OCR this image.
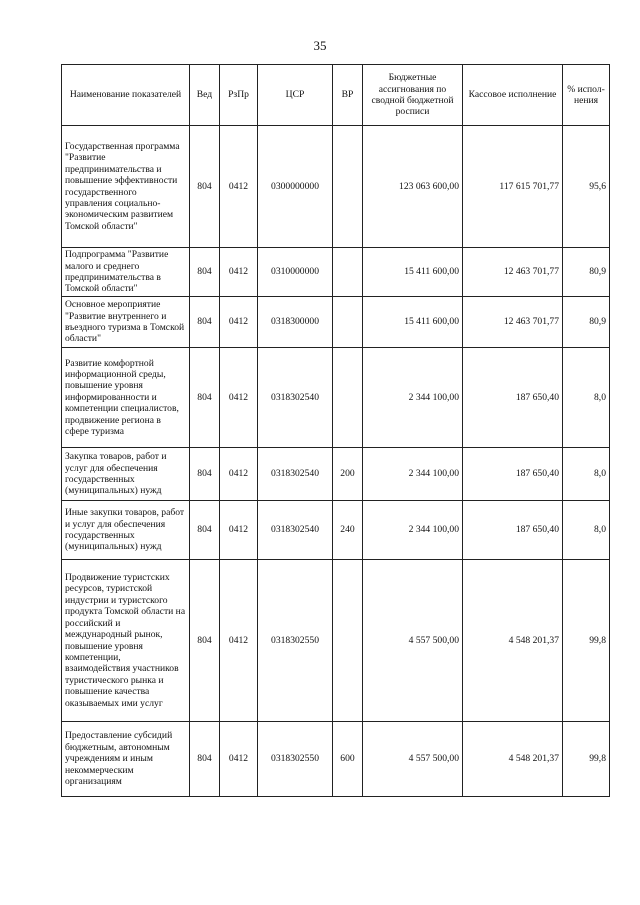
35
Наименование показателей	Вед	РзПр	ЦСР	ВР	Бюджетные ассигнования по сводной бюджетной росписи	Кассовое исполнение	% испол-нения
Государственная программа "Развитие предпринимательства и повышение эффективности государственного управления социально-экономическим развитием Томской области"	804	0412	0300000000		123 063 600,00	117 615 701,77	95,6
Подпрограмма "Развитие малого и среднего предпринимательства в Томской области"	804	0412	0310000000		15 411 600,00	12 463 701,77	80,9
Основное мероприятие "Развитие внутреннего и въездного туризма в Томской области"	804	0412	0318300000		15 411 600,00	12 463 701,77	80,9
Развитие комфортной информационной среды, повышение уровня информированности и компетенции специалистов, продвижение региона в сфере туризма	804	0412	0318302540		2 344 100,00	187 650,40	8,0
Закупка товаров, работ и услуг для обеспечения государственных (муниципальных) нужд	804	0412	0318302540	200	2 344 100,00	187 650,40	8,0
Иные закупки товаров, работ и услуг для обеспечения государственных (муниципальных) нужд	804	0412	0318302540	240	2 344 100,00	187 650,40	8,0
Продвижение туристских ресурсов, туристской индустрии и туристского продукта Томской области на российский и международный рынок, повышение уровня компетенции, взаимодействия участников туристического рынка и повышение качества оказываемых ими услуг	804	0412	0318302550		4 557 500,00	4 548 201,37	99,8
Предоставление субсидий бюджетным, автономным учреждениям и иным некоммерческим организациям	804	0412	0318302550	600	4 557 500,00	4 548 201,37	99,8
